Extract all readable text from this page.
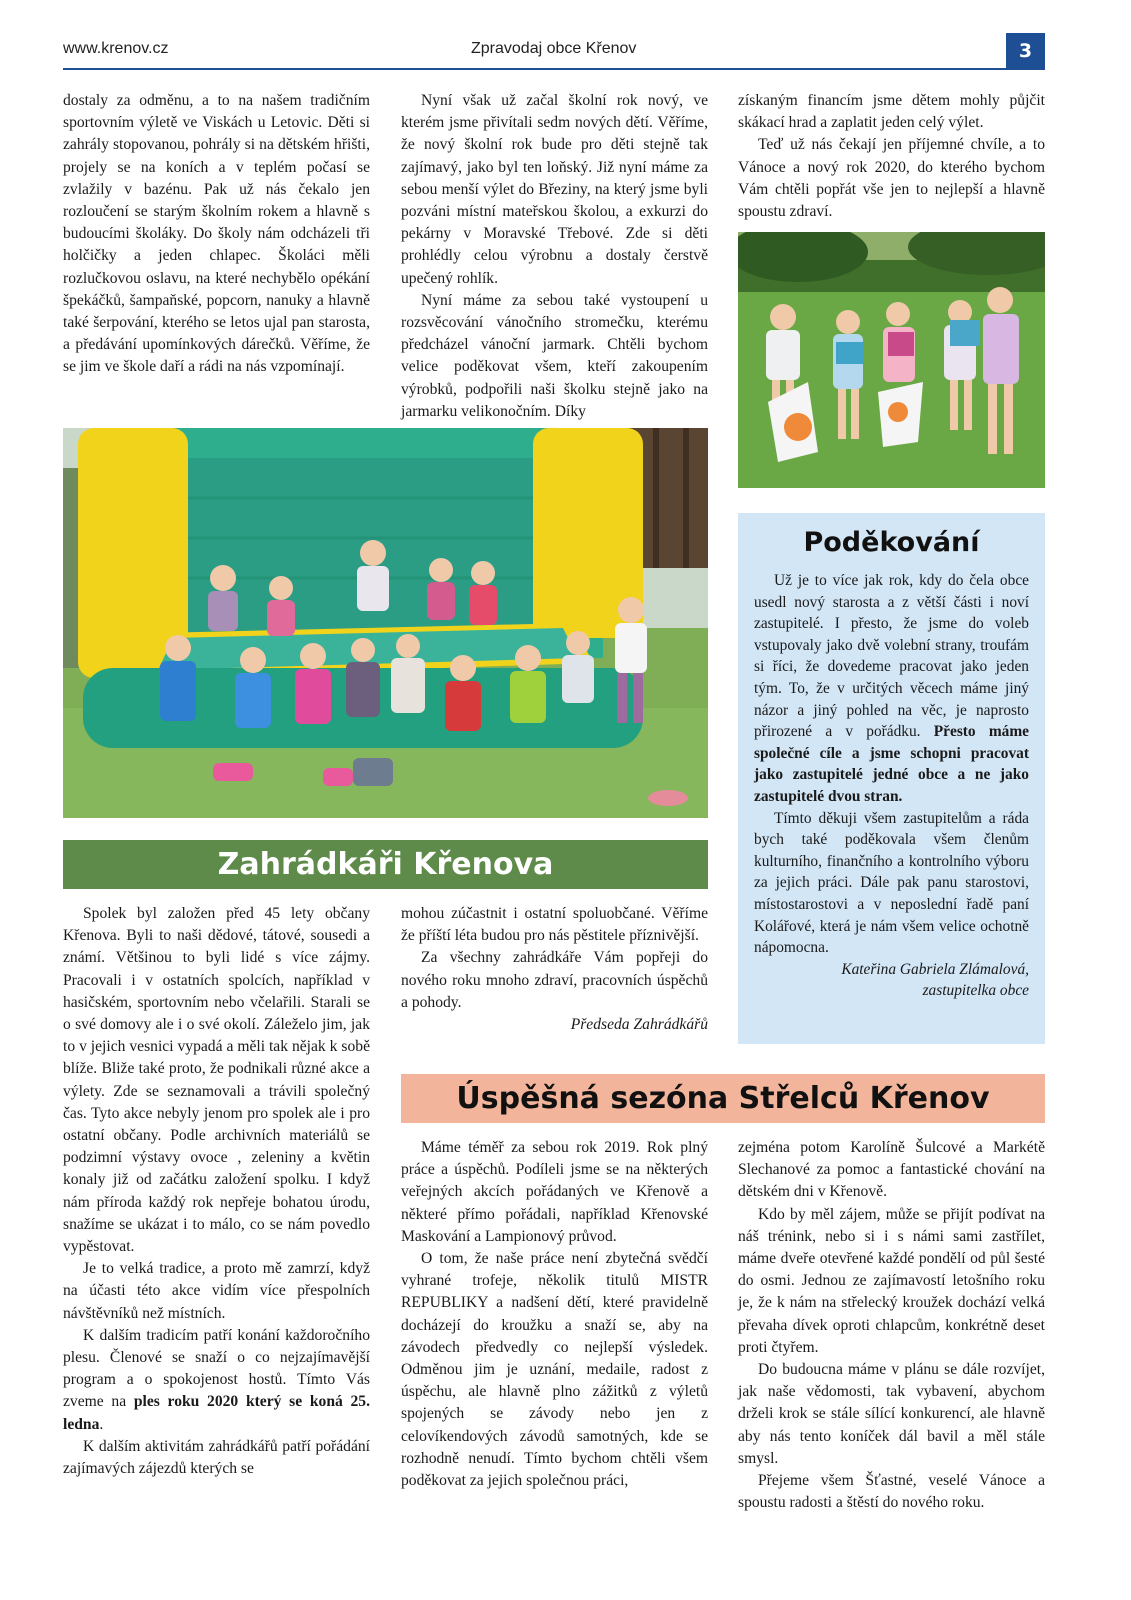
www.krenov.cz	Zpravodaj obce Křenov	3

dostaly za odměnu, a to na našem tradičním sportovním výletě ve Viskách u Letovic. Děti si zahrály stopovanou, pohrály si na dětském hřišti, projely se na koních a v teplém počasí se zvlažily v bazénu. Pak už nás čekalo jen rozloučení se starým školním rokem a hlavně s budoucími školáky. Do školy nám odcházeli tři holčičky a jeden chlapec. Školáci měli rozlučkovou oslavu, na které nechybělo opékání špekáčků, šampaňské, popcorn, nanuky a hlavně také šerpování, kterého se letos ujal pan starosta, a předávání upomínkových dárečků. Věříme, že se jim ve škole daří a rádi na nás vzpomínají.

Nyní však už začal školní rok nový, ve kterém jsme přivítali sedm nových dětí. Věříme, že nový školní rok bude pro děti stejně tak zajímavý, jako byl ten loňský. Již nyní máme za sebou menší výlet do Březiny, na který jsme byli pozváni místní mateřskou školou, a exkurzi do pekárny v Moravské Třebové. Zde si děti prohlédly celou výrobnu a dostaly čerstvě upečený rohlík.

Nyní máme za sebou také vystoupení u rozsvěcování vánočního stromečku, kterému předcházel vánoční jarmark. Chtěli bychom velice poděkovat všem, kteří zakoupením výrobků, podpořili naši školku stejně jako na jarmarku velikonočním. Díky

získaným financím jsme dětem mohly půjčit skákací hrad a zaplatit jeden celý výlet.

Teď už nás čekají jen příjemné chvíle, a to Vánoce a nový rok 2020, do kterého bychom Vám chtěli popřát vše jen to nejlepší a hlavně spoustu zdraví.

Poděkování

Už je to více jak rok, kdy do čela obce usedl nový starosta a z větší části i noví zastupitelé. I přesto, že jsme do voleb vstupovaly jako dvě volební strany, troufám si říci, že dovedeme pracovat jako jeden tým. To, že v určitých věcech máme jiný názor a jiný pohled na věc, je naprosto přirozené a v pořádku. Přesto máme společné cíle a jsme schopni pracovat jako zastupitelé jedné obce a ne jako zastupitelé dvou stran.

Tímto děkuji všem zastupitelům a ráda bych také poděkovala všem členům kulturního, finančního a kontrolního výboru za jejich práci. Dále pak panu starostovi, místostarostovi a v neposlední řadě paní Kolářové, která je nám všem velice ochotně nápomocna.

Kateřina Gabriela Zlámalová,
zastupitelka obce
Zahrádkáři Křenova

Spolek byl založen před 45 lety občany Křenova. Byli to naši dědové, tátové, sousedi a známí. Většinou to byli lidé s více zájmy. Pracovali i v ostatních spolcích, například v hasičském, sportovním nebo včelařili. Starali se o své domovy ale i o své okolí. Záleželo jim, jak to v jejich vesnici vypadá a měli tak nějak k sobě blíže. Bliže také proto, že podnikali různé akce a výlety. Zde se seznamovali a trávili společný čas. Tyto akce nebyly jenom pro spolek ale i pro ostatní občany. Podle archivních materiálů se podzimní výstavy ovoce , zeleniny a květin konaly již od začátku založení spolku. I když nám příroda každý rok nepřeje bohatou úrodu, snažíme se ukázat i to málo, co se nám povedlo vypěstovat.

Je to velká tradice, a proto mě zamrzí, když na účasti této akce vidím více přespolních návštěvníků než místních.

K dalším tradicím patří konání každoročního plesu. Členové se snaží o co nejzajímavější program a o spokojenost hostů. Tímto Vás zveme na ples roku 2020 který se koná 25. ledna.

K dalším aktivitám zahrádkářů patří pořádání zajímavých zájezdů kterých se

mohou zúčastnit i ostatní spoluobčané. Věříme že příští léta budou pro nás pěstitele příznivější.

Za všechny zahrádkáře Vám popřeji do nového roku mnoho zdraví, pracovních úspěchů a pohody.

Předseda Zahrádkářů
Úspěšná sezóna Střelců Křenov

Máme téměř za sebou rok 2019. Rok plný práce a úspěchů. Podíleli jsme se na některých veřejných akcích pořádaných ve Křenově a některé přímo pořádali, například Křenovské Maskování a Lampionový průvod.

O tom, že naše práce není zbytečná svědčí vyhrané trofeje, několik titulů MISTR REPUBLIKY a nadšení dětí, které pravidelně docházejí do kroužku a snaží se, aby na závodech předvedly co nejlepší výsledek. Odměnou jim je uznání, medaile, radost z úspěchu, ale hlavně plno zážitků z výletů spojených se závody nebo jen z celovíkendových závodů samotných, kde se rozhodně nenudí. Tímto bychom chtěli všem poděkovat za jejich společnou práci,

zejména potom Karolíně Šulcové a Markétě Slechanové za pomoc a fantastické chování na dětském dni v Křenově.

Kdo by měl zájem, může se přijít podívat na náš trénink, nebo si i s námi sami zastřílet, máme dveře otevřené každé pondělí od půl šesté do osmi. Jednou ze zajímavostí letošního roku je, že k nám na střelecký kroužek dochází velká převaha dívek oproti chlapcům, konkrétně deset proti čtyřem.

Do budoucna máme v plánu se dále rozvíjet, jak naše vědomosti, tak vybavení, abychom drželi krok se stále sílící konkurencí, ale hlavně aby nás tento koníček dál bavil a měl stále smysl.

Přejeme všem Šťastné, veselé Vánoce a spoustu radosti a štěstí do nového roku.
